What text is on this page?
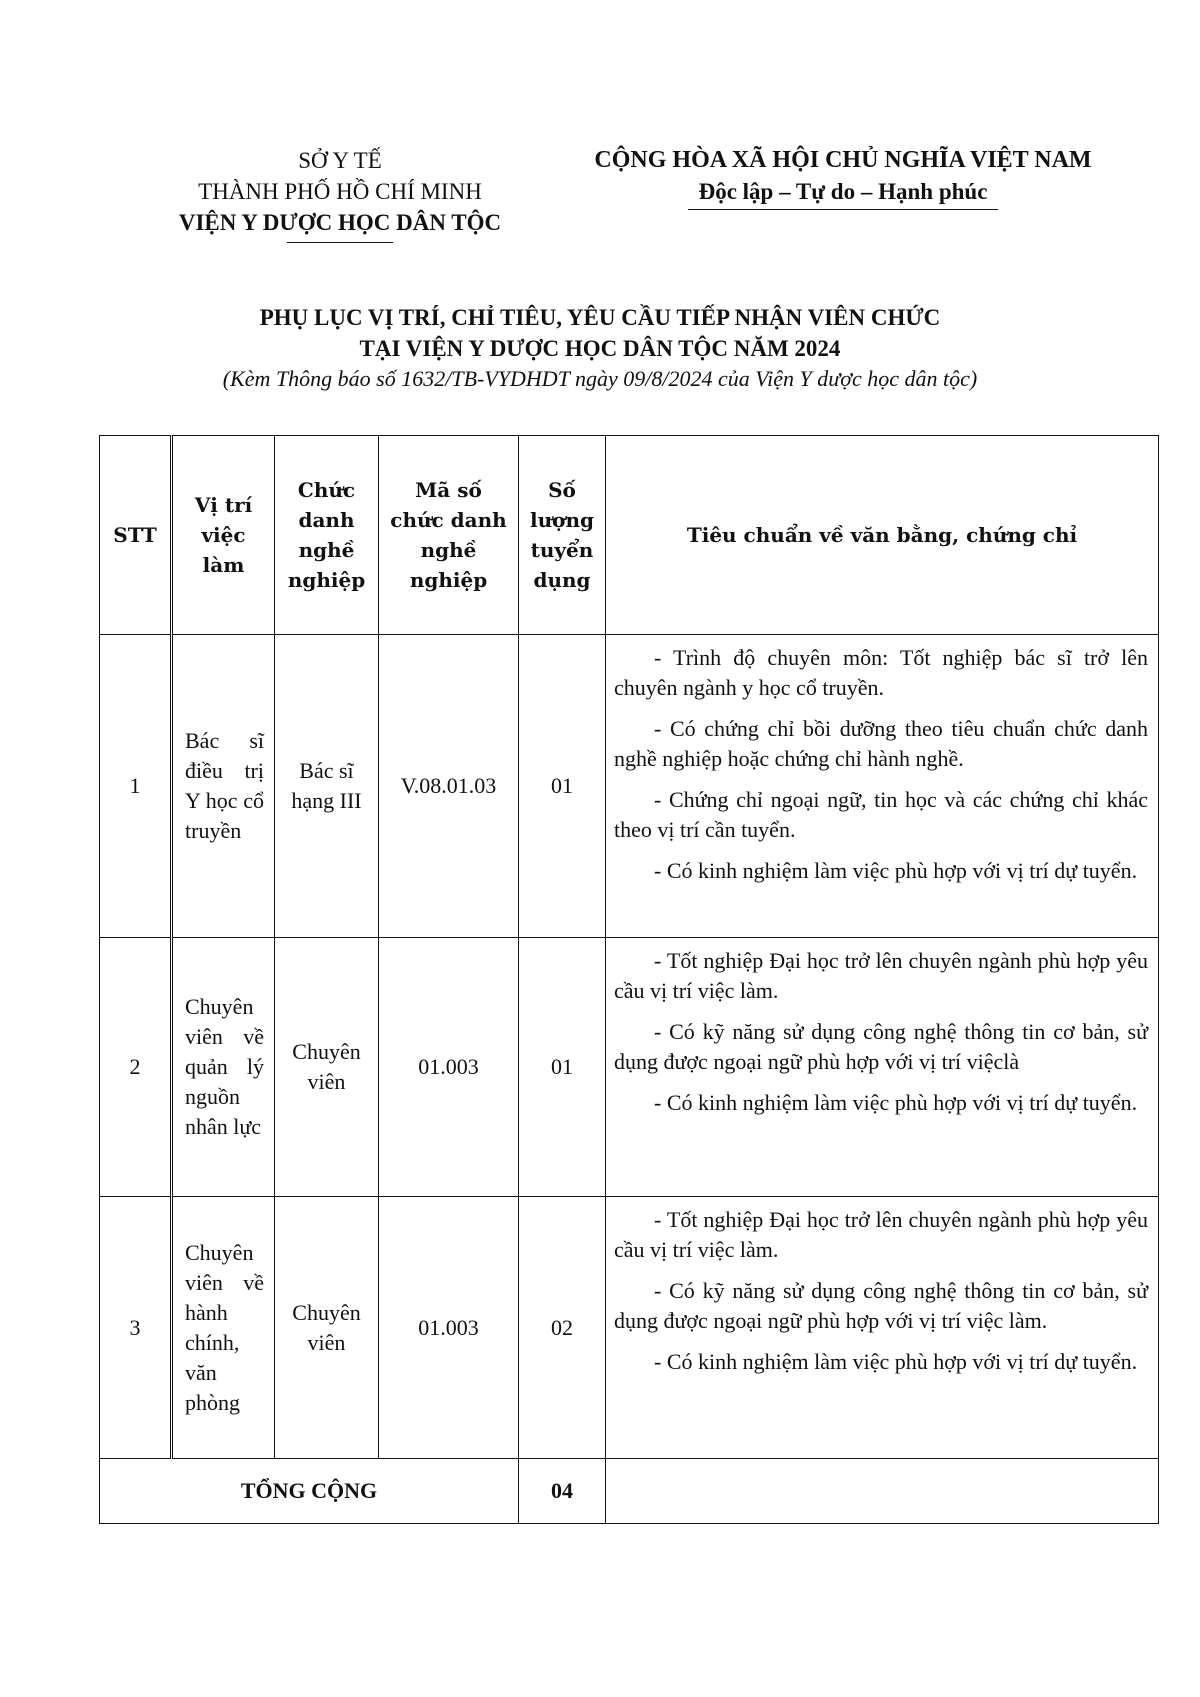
SỞ Y TẾ
THÀNH PHỐ HỒ CHÍ MINH
VIỆN Y DƯỢC HỌC DÂN TỘC
CỘNG HÒA XÃ HỘI CHỦ NGHĨA VIỆT NAM
Độc lập – Tự do – Hạnh phúc
PHỤ LỤC VỊ TRÍ, CHỈ TIÊU, YÊU CẦU TIẾP NHẬN VIÊN CHỨC
TẠI VIỆN Y DƯỢC HỌC DÂN TỘC NĂM 2024
(Kèm Thông báo số 1632/TB-VYDHDT ngày 09/8/2024 của Viện Y dược học dân tộc)
STT	Vị trí việc làm	Chức danh nghề nghiệp	Mã số chức danh nghề nghiệp	Số lượng tuyển dụng	Tiêu chuẩn về văn bằng, chứng chỉ
1	Bác sĩ điều trị Y học cổ truyền	Bác sĩ hạng III	V.08.01.03	01	- Trình độ chuyên môn: Tốt nghiệp bác sĩ trở lên chuyên ngành y học cổ truyền.

- Có chứng chỉ bồi dưỡng theo tiêu chuẩn chức danh nghề nghiệp hoặc chứng chỉ hành nghề.

- Chứng chỉ ngoại ngữ, tin học và các chứng chỉ khác theo vị trí cần tuyển.

- Có kinh nghiệm làm việc phù hợp với vị trí dự tuyển.

2	Chuyên viên về quản lý nguồn nhân lực	Chuyên viên	01.003	01	- Tốt nghiệp Đại học trở lên chuyên ngành phù hợp yêu cầu vị trí việc làm.

- Có kỹ năng sử dụng công nghệ thông tin cơ bản, sử dụng được ngoại ngữ phù hợp với vị trí việclà

- Có kinh nghiệm làm việc phù hợp với vị trí dự tuyển.

3	Chuyên viên về hành chính, văn phòng	Chuyên viên	01.003	02	- Tốt nghiệp Đại học trở lên chuyên ngành phù hợp yêu cầu vị trí việc làm.

- Có kỹ năng sử dụng công nghệ thông tin cơ bản, sử dụng được ngoại ngữ phù hợp với vị trí việc làm.

- Có kinh nghiệm làm việc phù hợp với vị trí dự tuyển.

TỔNG CỘNG				04	
